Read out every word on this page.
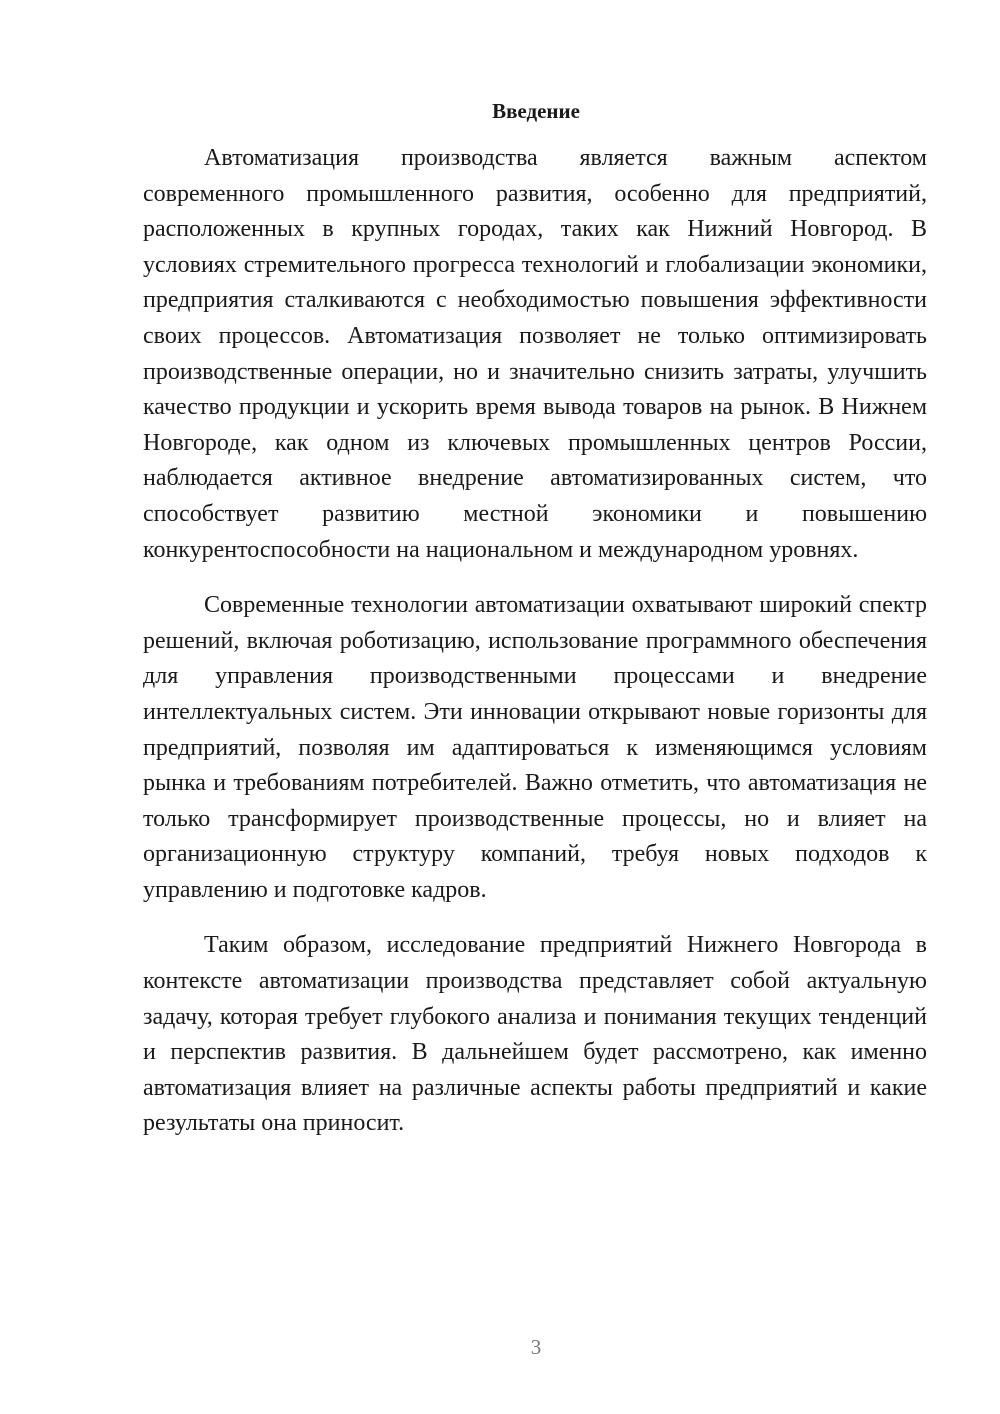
Введение

Автоматизация производства является важным аспектом современного промышленного развития, особенно для предприятий, расположенных в крупных городах, таких как Нижний Новгород. В условиях стремительного прогресса технологий и глобализации экономики, предприятия сталкиваются с необходимостью повышения эффективности своих процессов. Автоматизация позволяет не только оптимизировать производственные операции, но и значительно снизить затраты, улучшить качество продукции и ускорить время вывода товаров на рынок. В Нижнем Новгороде, как одном из ключевых промышленных центров России, наблюдается активное внедрение автоматизированных систем, что способствует развитию местной экономики и повышению конкурентоспособности на национальном и международном уровнях.

Современные технологии автоматизации охватывают широкий спектр решений, включая роботизацию, использование программного обеспечения для управления производственными процессами и внедрение интеллектуальных систем. Эти инновации открывают новые горизонты для предприятий, позволяя им адаптироваться к изменяющимся условиям рынка и требованиям потребителей. Важно отметить, что автоматизация не только трансформирует производственные процессы, но и влияет на организационную структуру компаний, требуя новых подходов к управлению и подготовке кадров.

Таким образом, исследование предприятий Нижнего Новгорода в контексте автоматизации производства представляет собой актуальную задачу, которая требует глубокого анализа и понимания текущих тенденций и перспектив развития. В дальнейшем будет рассмотрено, как именно автоматизация влияет на различные аспекты работы предприятий и какие результаты она приносит.

3
